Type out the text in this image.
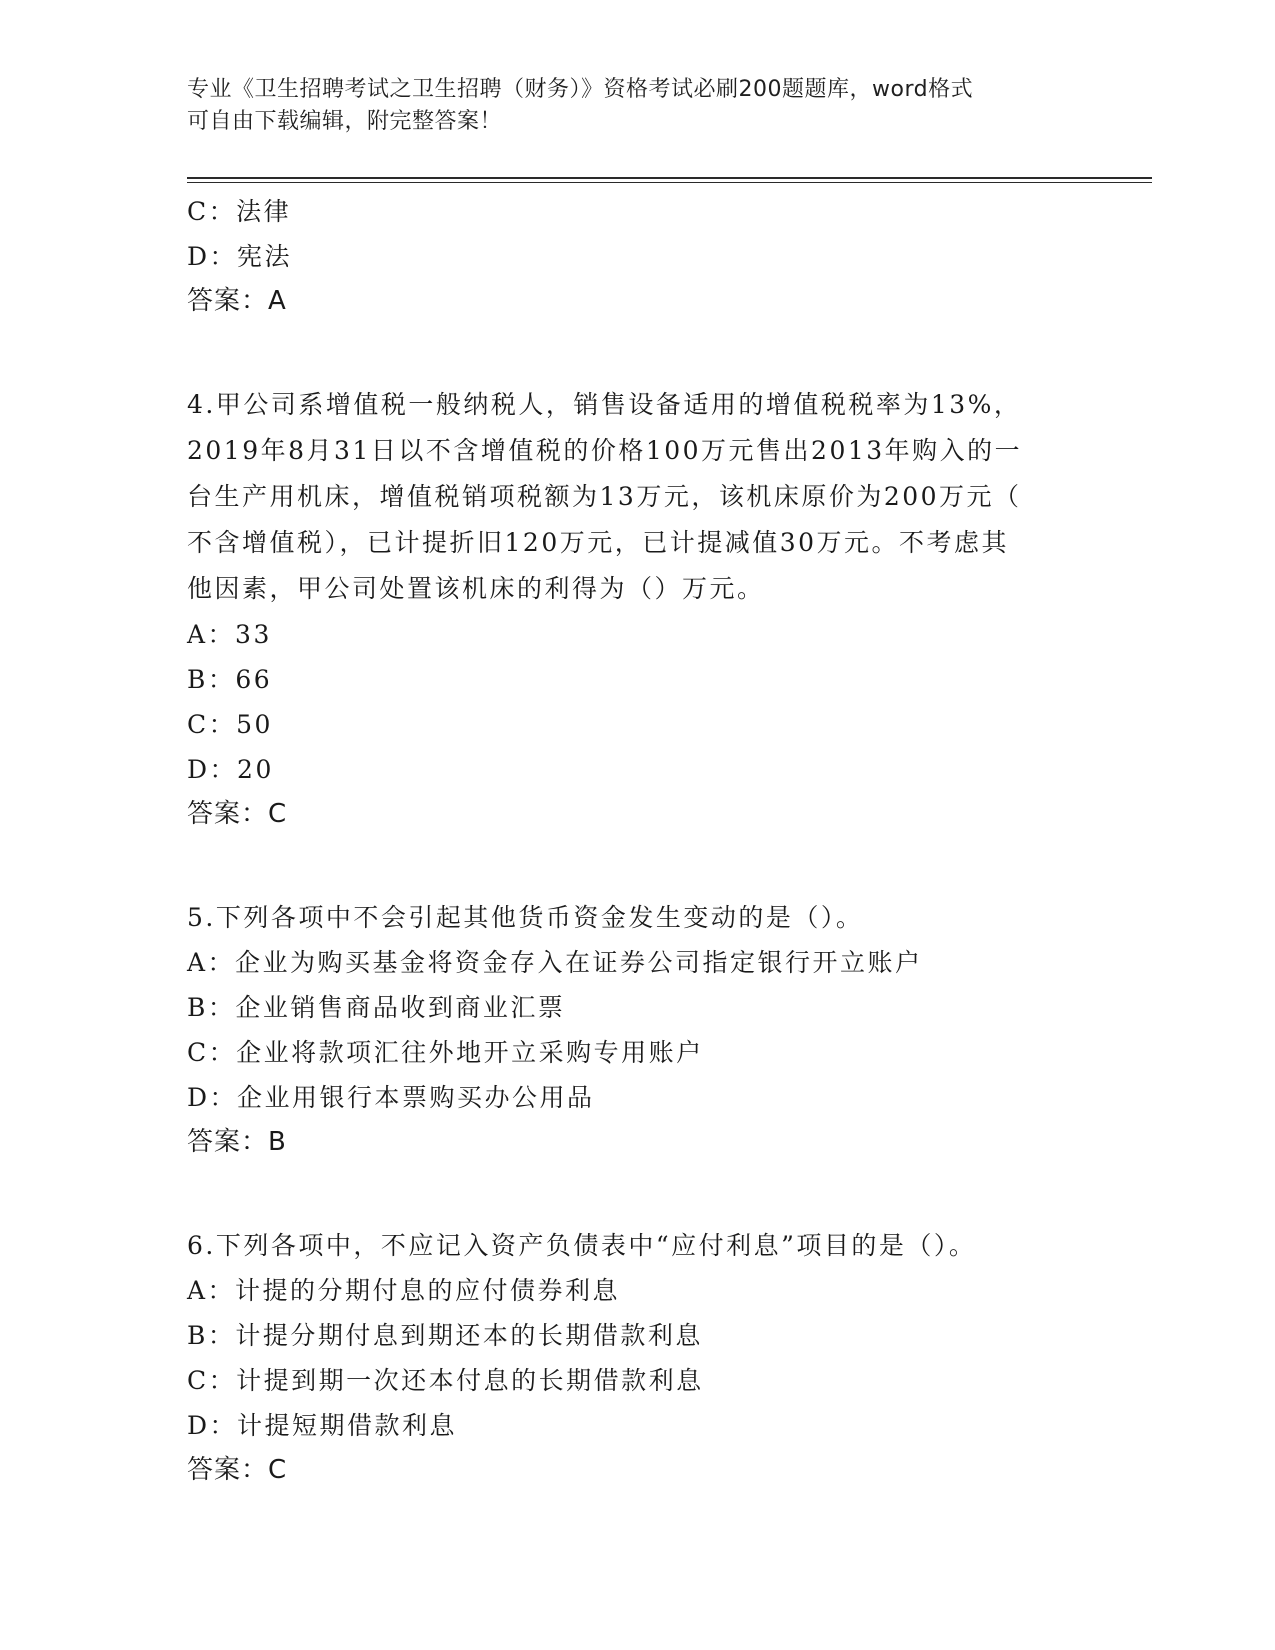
专业《卫生招聘考试之卫生招聘（财务）》资格考试必刷200题题库，word格式
可自由下载编辑，附完整答案！
C：法律
D：宪法
答案：A
4.甲公司系增值税一般纳税人，销售设备适用的增值税税率为13%，
2019年8月31日以不含增值税的价格100万元售出2013年购入的一
台生产用机床，增值税销项税额为13万元，该机床原价为200万元（
不含增值税），已计提折旧120万元，已计提减值30万元。不考虑其
他因素，甲公司处置该机床的利得为（）万元。
A：33
B：66
C：50
D：20
答案：C
5.下列各项中不会引起其他货币资金发生变动的是（）。
A：企业为购买基金将资金存入在证券公司指定银行开立账户
B：企业销售商品收到商业汇票
C：企业将款项汇往外地开立采购专用账户
D：企业用银行本票购买办公用品
答案：B
6.下列各项中，不应记入资产负债表中“应付利息”项目的是（）。
A：计提的分期付息的应付债券利息
B：计提分期付息到期还本的长期借款利息
C：计提到期一次还本付息的长期借款利息
D：计提短期借款利息
答案：C
